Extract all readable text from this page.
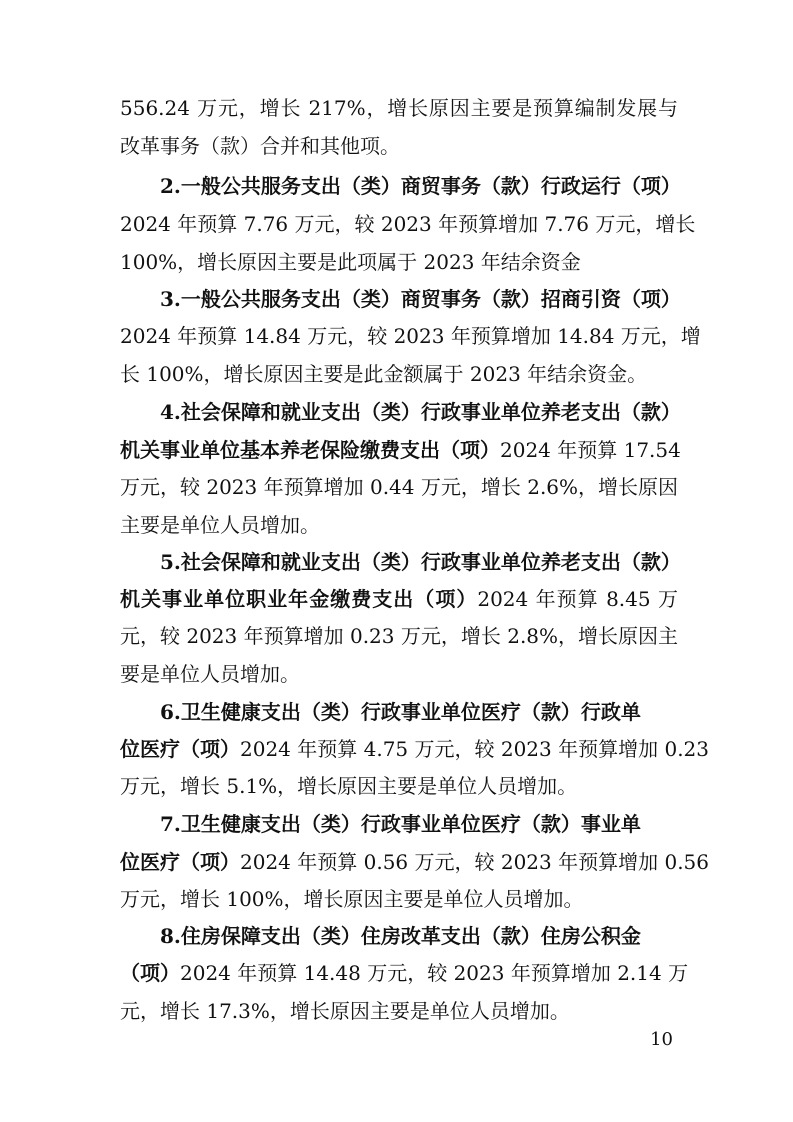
556.24 万元，增长 217%，增长原因主要是预算编制发展与
改革事务（款）合并和其他项。
2.一般公共服务支出（类）商贸事务（款）行政运行（项）
2024 年预算 7.76 万元，较 2023 年预算增加 7.76 万元，增长
100%，增长原因主要是此项属于 2023 年结余资金
3.一般公共服务支出（类）商贸事务（款）招商引资（项）
2024 年预算 14.84 万元，较 2023 年预算增加 14.84 万元，增
长 100%，增长原因主要是此金额属于 2023 年结余资金。
4.社会保障和就业支出（类）行政事业单位养老支出（款）
机关事业单位基本养老保险缴费支出（项）2024 年预算 17.54
万元，较 2023 年预算增加 0.44 万元，增长 2.6%，增长原因
主要是单位人员增加。
5.社会保障和就业支出（类）行政事业单位养老支出（款）
机关事业单位职业年金缴费支出（项）2024 年预算 8.45 万
元，较 2023 年预算增加 0.23 万元，增长 2.8%，增长原因主
要是单位人员增加。
6.卫生健康支出（类）行政事业单位医疗（款）行政单
位医疗（项）2024 年预算 4.75 万元，较 2023 年预算增加 0.23
万元，增长 5.1%，增长原因主要是单位人员增加。
7.卫生健康支出（类）行政事业单位医疗（款）事业单
位医疗（项）2024 年预算 0.56 万元，较 2023 年预算增加 0.56
万元，增长 100%，增长原因主要是单位人员增加。
8.住房保障支出（类）住房改革支出（款）住房公积金
（项）2024 年预算 14.48 万元，较 2023 年预算增加 2.14 万
元，增长 17.3%，增长原因主要是单位人员增加。
10
